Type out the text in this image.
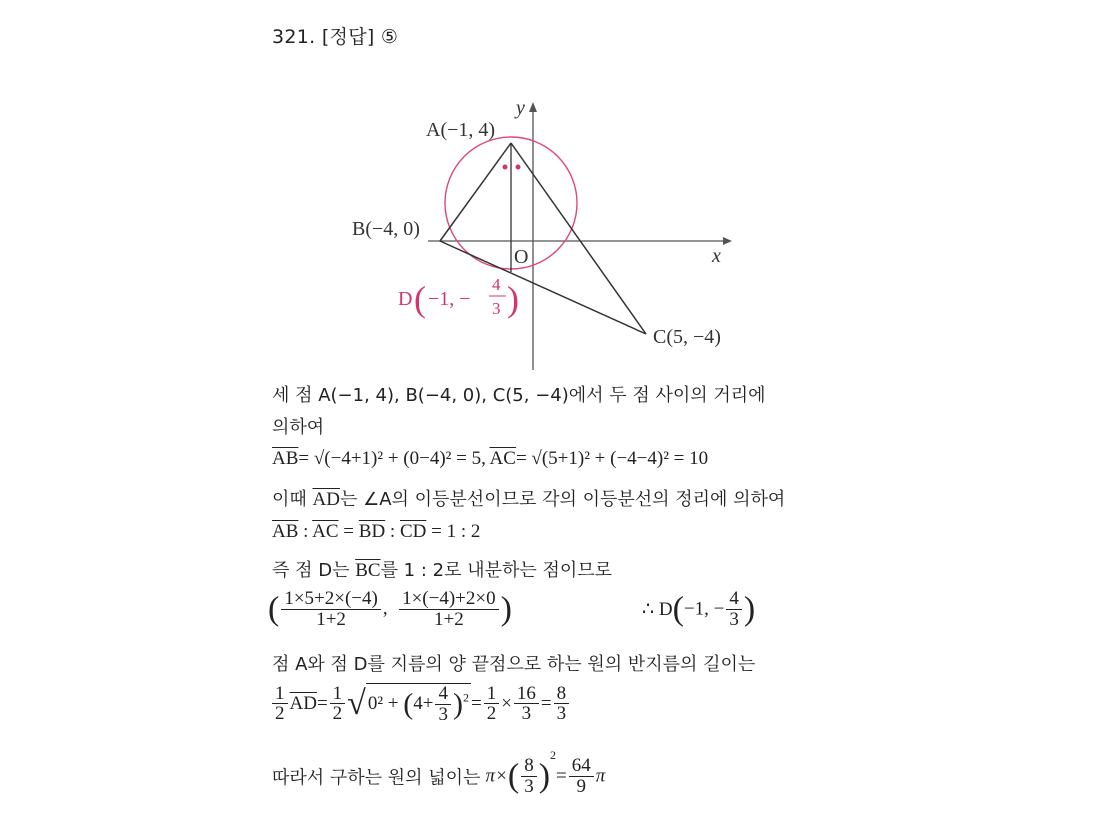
321. [정답] ⑤
A(−1, 4)
B(−4, 0)
C(5, −4)
O	x
y
D ( −1, −
4
3 )
세 점 A(−1, 4), B(−4, 0), C(5, −4)에서 두 점 사이의 거리에
의하여
$\overline{AB}= √(-4+1)^2 + (0-4)^2 = 5$, $\overline{AC}= √(5+1)^2 + (-4-4)^2 = 10$
이때 $\overline{AD}$는 ∠A의 이등분선이므로 각의 이등분선의 정리에 의하여
$\overline{AB}$ : $\overline{AC} = \overline{BD}$ : $\overline{CD} = 1$ : 2
즉 점 D는 $\overline{BC}$를 1 : 2로 내분하는 점이므로
( $\frac{1\times 5+2\times(-4)}{1+2}$ , $\frac{1\times(-4)+2\times 0}{1+2}$ )	∴ D(−1, − $\frac{4}{3}$ )
점 A와 점 D를 지름의 양 끝점으로 하는 원의 반지름의 길이는
$\frac{1}{2} \overline{AD}= \frac{1}{2}$ √ $0^2 + (4+ \frac{4}{3} )^2 = \frac{1}{2} \times \frac{16}{3} = \frac{8}{3}$
따라서 구하는 원의 넓이는 $\pi\times( \frac{8}{3} )^2= \frac{64}{9}$ π
